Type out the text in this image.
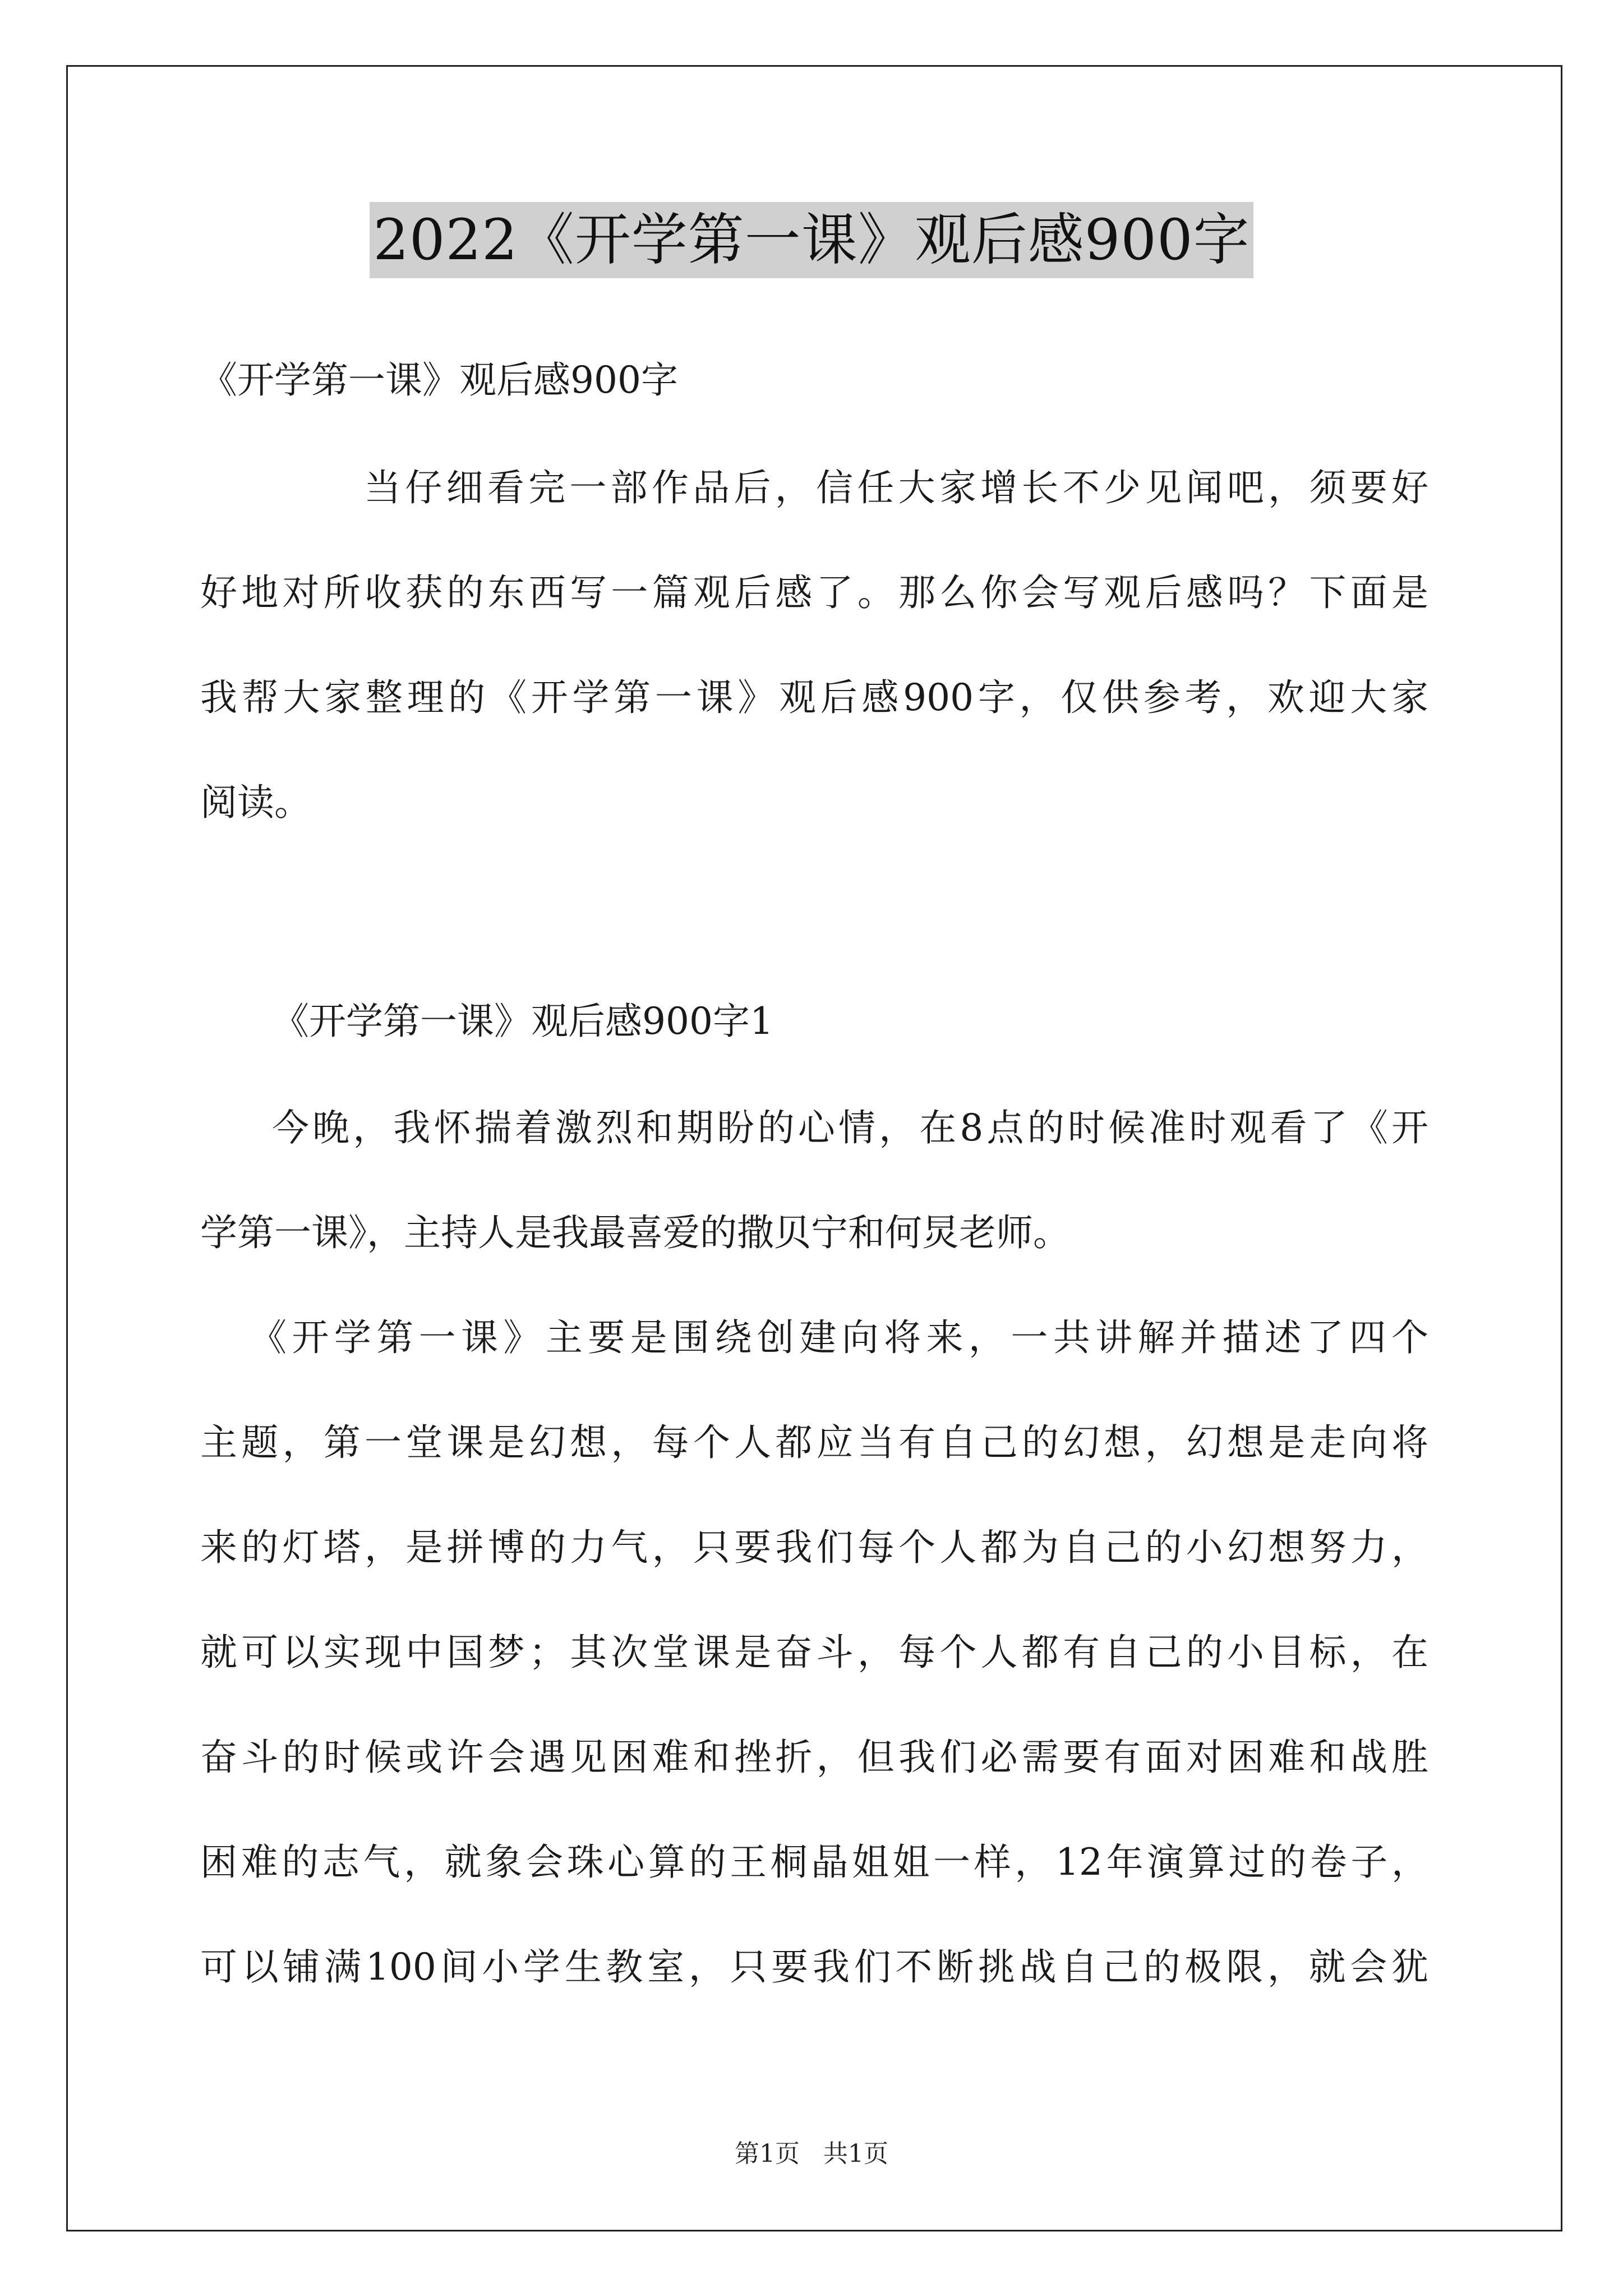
2022《开学第一课》观后感900字
《开学第一课》观后感900字
当仔细看完一部作品后，信任大家增长不少见闻吧，须要好
好地对所收获的东西写一篇观后感了。那么你会写观后感吗？下面是
我帮大家整理的《开学第一课》观后感900字，仅供参考，欢迎大家
阅读。
《开学第一课》观后感900字1
今晚，我怀揣着激烈和期盼的心情，在8点的时候准时观看了《开
学第一课》，主持人是我最喜爱的撒贝宁和何炅老师。
《开学第一课》主要是围绕创建向将来，一共讲解并描述了四个
主题，第一堂课是幻想，每个人都应当有自己的幻想，幻想是走向将
来的灯塔，是拼博的力气，只要我们每个人都为自己的小幻想努力，
就可以实现中国梦；其次堂课是奋斗，每个人都有自己的小目标，在
奋斗的时候或许会遇见困难和挫折，但我们必需要有面对困难和战胜
困难的志气，就象会珠心算的王桐晶姐姐一样，12年演算过的卷子，
可以铺满100间小学生教室，只要我们不断挑战自己的极限，就会犹
第1页   共1页
